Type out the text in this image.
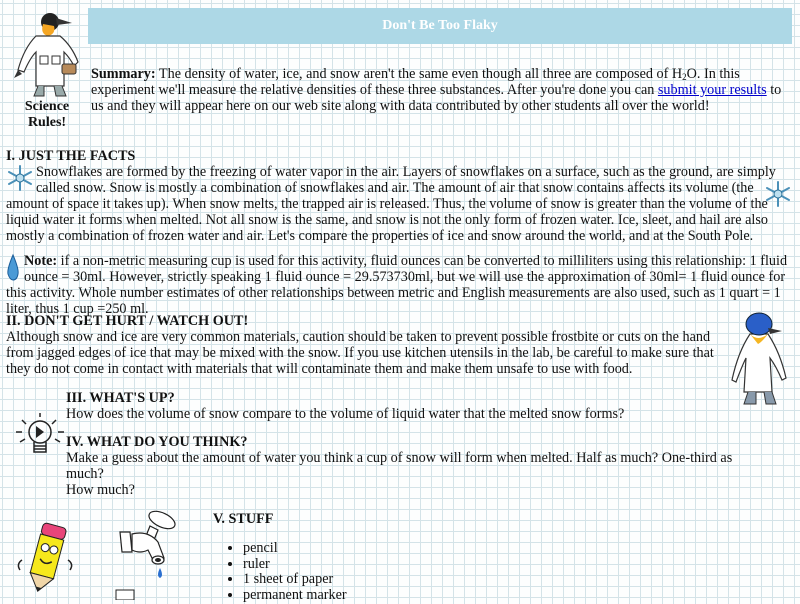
Science
Rules!
Don't Be Too Flaky
Summary: The density of water, ice, and snow aren't the same even though all three are composed of $H_2O$. In this experiment we'll measure the relative densities of these three substances. After you're done you can submit your results to us and they will appear here on our web site along with data contributed by other students all over the world!
I. JUST THE FACTS

Snowflakes are formed by the freezing of water vapor in the air. Layers of snowflakes on a surface, such as the ground, are simply called snow. Snow is mostly a combination of snowflakes and air. The amount of air that snow contains affects its volume (the amount of space it takes up). When snow melts, the trapped air is released. Thus, the volume of snow is greater than the volume of the liquid water it forms when melted. Not all snow is the same, and snow is not the only form of frozen water. Ice, sleet, and hail are also mostly a combination of frozen water and air. Let's compare the properties of ice and snow around the world, and at the South Pole.

Note: if a non-metric measuring cup is used for this activity, fluid ounces can be converted to milliliters using this relationship: 1 fluid ounce = 30ml. However, strictly speaking 1 fluid ounce = 29.573730ml, but we will use the approximation of 30ml= 1 fluid ounce for this activity. Whole number estimates of other relationships between metric and English measurements are also used, such as 1 quart = 1 liter, thus 1 cup =250 ml.

II. DON'T GET HURT / WATCH OUT!

Although snow and ice are very common materials, caution should be taken to prevent possible frostbite or cuts on the hand from jagged edges of ice that may be mixed with the snow. If you use kitchen utensils in the lab, be careful to make sure that they do not come in contact with materials that will contaminate them and make them unsafe to use with food.

III. WHAT'S UP?

How does the volume of snow compare to the volume of liquid water that the melted snow forms?

IV. WHAT DO YOU THINK?

Make a guess about the amount of water you think a cup of snow will form when melted. Half as much? One-third as much?

How much?

V. STUFF
• pencil
• ruler
• 1 sheet of paper
• permanent marker
